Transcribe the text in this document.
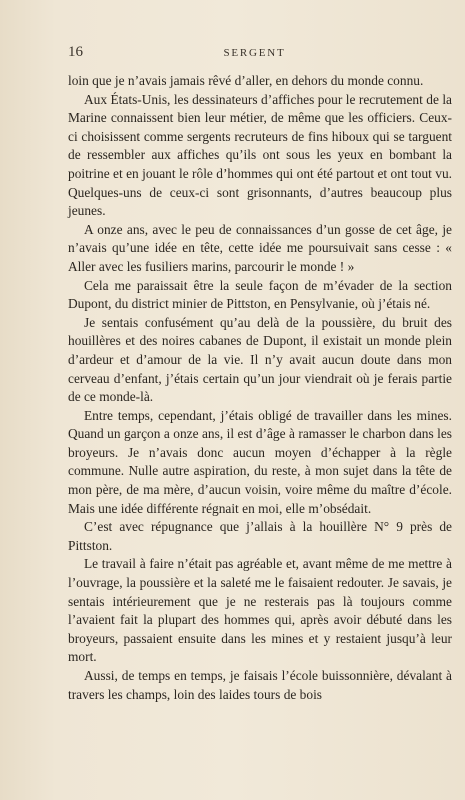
16	SERGENT

loin que je n’avais jamais rêvé d’aller, en dehors du monde connu.

Aux États-Unis, les dessinateurs d’affiches pour le recrutement de la Marine connaissent bien leur métier, de même que les officiers. Ceux-ci choisissent comme sergents recruteurs de fins hiboux qui se targuent de ressembler aux affiches qu’ils ont sous les yeux en bombant la poitrine et en jouant le rôle d’hommes qui ont été partout et ont tout vu. Quelques-uns de ceux-ci sont grisonnants, d’autres beaucoup plus jeunes.

A onze ans, avec le peu de connaissances d’un gosse de cet âge, je n’avais qu’une idée en tête, cette idée me poursuivait sans cesse : « Aller avec les fusiliers marins, parcourir le monde ! »

Cela me paraissait être la seule façon de m’évader de la section Dupont, du district minier de Pittston, en Pensylvanie, où j’étais né.

Je sentais confusément qu’au delà de la poussière, du bruit des houillères et des noires cabanes de Dupont, il existait un monde plein d’ardeur et d’amour de la vie. Il n’y avait aucun doute dans mon cerveau d’enfant, j’étais certain qu’un jour viendrait où je ferais partie de ce monde-là.

Entre temps, cependant, j’étais obligé de travailler dans les mines. Quand un garçon a onze ans, il est d’âge à ramasser le charbon dans les broyeurs. Je n’avais donc aucun moyen d’échapper à la règle commune. Nulle autre aspiration, du reste, à mon sujet dans la tête de mon père, de ma mère, d’aucun voisin, voire même du maître d’école. Mais une idée différente régnait en moi, elle m’obsédait.

C’est avec répugnance que j’allais à la houillère N° 9 près de Pittston.

Le travail à faire n’était pas agréable et, avant même de me mettre à l’ouvrage, la poussière et la saleté me le faisaient redouter. Je savais, je sentais intérieurement que je ne resterais pas là toujours comme l’avaient fait la plupart des hommes qui, après avoir débuté dans les broyeurs, passaient ensuite dans les mines et y restaient jusqu’à leur mort.

Aussi, de temps en temps, je faisais l’école buissonnière, dévalant à travers les champs, loin des laides tours de bois
